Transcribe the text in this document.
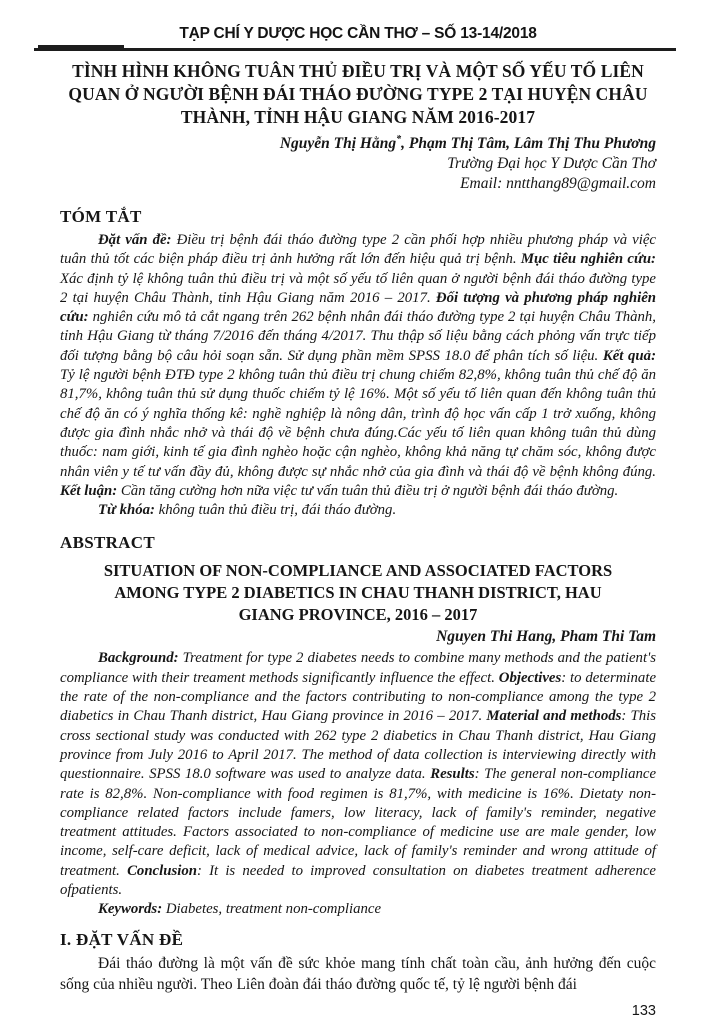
TẠP CHÍ Y DƯỢC HỌC CẦN THƠ – SỐ 13-14/2018
TÌNH HÌNH KHÔNG TUÂN THỦ ĐIỀU TRỊ VÀ MỘT SỐ YẾU TỐ LIÊN QUAN Ở NGƯỜI BỆNH ĐÁI THÁO ĐƯỜNG TYPE 2 TẠI HUYỆN CHÂU THÀNH, TỈNH HẬU GIANG NĂM 2016-2017
Nguyễn Thị Hằng*, Phạm Thị Tâm, Lâm Thị Thu Phương
Trường Đại học Y Dược Cần Thơ
Email: nntthang89@gmail.com
TÓM TẮT

Đặt vấn đề: Điều trị bệnh đái tháo đường type 2 cần phối hợp nhiều phương pháp và việc tuân thủ tốt các biện pháp điều trị ảnh hưởng rất lớn đến hiệu quả trị bệnh. Mục tiêu nghiên cứu: Xác định tỷ lệ không tuân thủ điều trị và một số yếu tố liên quan ở người bệnh đái tháo đường type 2 tại huyện Châu Thành, tỉnh Hậu Giang năm 2016 – 2017. Đối tượng và phương pháp nghiên cứu: nghiên cứu mô tả cắt ngang trên 262 bệnh nhân đái tháo đường type 2 tại huyện Châu Thành, tỉnh Hậu Giang từ tháng 7/2016 đến tháng 4/2017. Thu thập số liệu bằng cách phỏng vấn trực tiếp đối tượng bằng bộ câu hỏi soạn sẵn. Sử dụng phần mềm SPSS 18.0 để phân tích số liệu. Kết quả: Tỷ lệ người bệnh ĐTĐ type 2 không tuân thủ điều trị chung chiếm 82,8%, không tuân thủ chế độ ăn 81,7%, không tuân thủ sử dụng thuốc chiếm tỷ lệ 16%. Một số yếu tố liên quan đến không tuân thủ chế độ ăn có ý nghĩa thống kê: nghề nghiệp là nông dân, trình độ học vấn cấp 1 trở xuống, không được gia đình nhắc nhở và thái độ về bệnh chưa đúng.Các yếu tố liên quan không tuân thủ dùng thuốc: nam giới, kinh tế gia đình nghèo hoặc cận nghèo, không khả năng tự chăm sóc, không được nhân viên y tế tư vấn đầy đủ, không được sự nhắc nhở của gia đình và thái độ về bệnh không đúng. Kết luận: Cần tăng cường hơn nữa việc tư vấn tuân thủ điều trị ở người bệnh đái tháo đường.

Từ khóa: không tuân thủ điều trị, đái tháo đường.

ABSTRACT
SITUATION OF NON-COMPLIANCE AND ASSOCIATED FACTORS AMONG TYPE 2 DIABETICS IN CHAU THANH DISTRICT, HAU GIANG PROVINCE, 2016 – 2017
Nguyen Thi Hang, Pham Thi Tam

Background: Treatment for type 2 diabetes needs to combine many methods and the patient's compliance with their treament methods significantly influence the effect. Objectives: to determinate the rate of the non-compliance and the factors contributing to non-compliance among the type 2 diabetics in Chau Thanh district, Hau Giang province in 2016 – 2017. Material and methods: This cross sectional study was conducted with 262 type 2 diabetics in Chau Thanh district, Hau Giang province from July 2016 to April 2017. The method of data collection is interviewing directly with questionnaire. SPSS 18.0 software was used to analyze data. Results: The general non-compliance rate is 82,8%. Non-compliance with food regimen is 81,7%, with medicine is 16%. Dietaty non-compliance related factors include famers, low literacy, lack of family's reminder, negative treatment attitudes. Factors associated to non-compliance of medicine use are male gender, low income, self-care deficit, lack of medical advice, lack of family's reminder and wrong attitude of treatment. Conclusion: It is needed to improved consultation on diabetes treatment adherence ofpatients.

Keywords: Diabetes, treatment non-compliance

I. ĐẶT VẤN ĐỀ

Đái tháo đường là một vấn đề sức khỏe mang tính chất toàn cầu, ảnh hưởng đến cuộc sống của nhiều người. Theo Liên đoàn đái tháo đường quốc tế, tỷ lệ người bệnh đái

133
